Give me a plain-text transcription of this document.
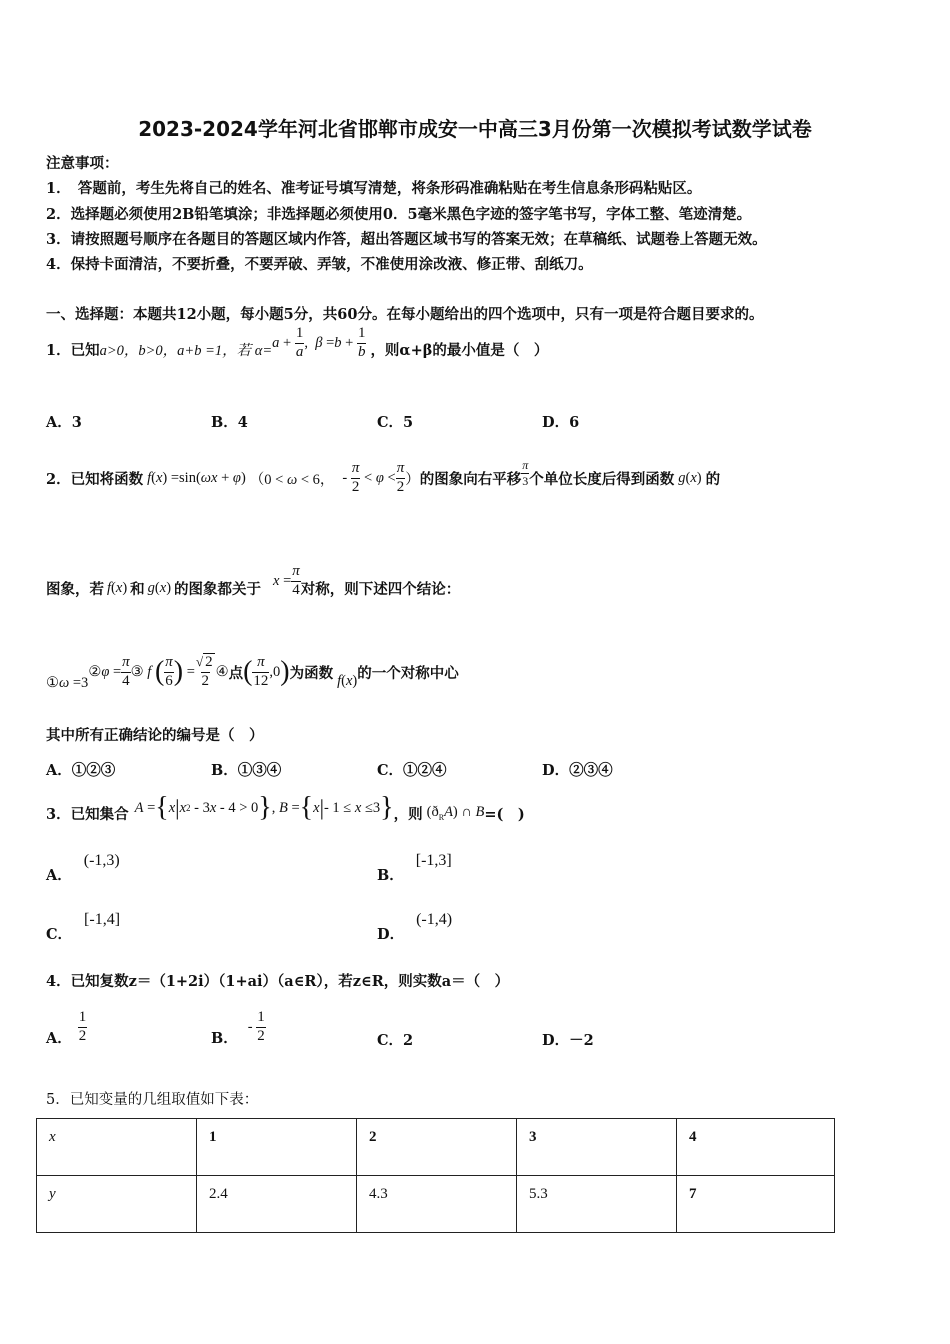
2023-2024学年河北省邯郸市成安一中高三3月份第一次模拟考试数学试卷
注意事项：
1．　答题前，考生先将自己的姓名、准考证号填写清楚，将条形码准确粘贴在考生信息条形码粘贴区。
2．选择题必须使用2B铅笔填涂；非选择题必须使用0．5毫米黑色字迹的签字笔书写，字体工整、笔迹清楚。
3．请按照题号顺序在各题目的答题区域内作答，超出答题区域书写的答案无效；在草稿纸、试题卷上答题无效。
4．保持卡面清洁，不要折叠，不要弄破、弄皱，不准使用涂改液、修正带、刮纸刀。
一、选择题：本题共12小题，每小题5分，共60分。在每小题给出的四个选项中，只有一项是符合题目要求的。
1．已知 a>0，b>0，a+b =1，若 $\alpha= a + \frac{1}{a}$ , $\beta = b + \frac{1}{b}$ ，则α+β的最小值是（　）
A．3	B．4	C．5	D．6
2．已知将函数 f(x) =sin(ωx + φ) （0 < ω < 6， - $\frac{\pi}{2} < \varphi < \frac{\pi}{2}$ ） 的图象向右平移 $\frac{\pi}{3}$ 个单位长度后得到函数 g(x) 的
图象，若 f(x) 和 g(x) 的图象都关于 $x = \frac{\pi}{4}$ 对称，则下述四个结论：
①ω =3
② $\varphi = \frac{\pi}{4}$ ③ f
( $\frac{\pi}{6}$ ) = $\frac{√ 2}{2}$ ④ 点 ( $\frac{\pi}{12} ,0$ ) 为函数 f(x) 的一个对称中心
其中所有正确结论的编号是（　）
A．①②③	B．①③④	C．①②④	D．②③④
3．已知集合 A = { x | x 2 - 3 x - 4 > 0 } , B = { x | - 1 ≤ x ≤3 } ，则 $(ð_RA)$ ∩ B =(　)
A．
(-1,3)
B．
[-1,3]
C．
[-1,4]
D．
(-1,4)
4．已知复数z＝（1+2i）（1+ai）（a∈R），若z∈R，则实数a＝（　）
A． $\frac{1}{2}$	B．
- $\frac{1}{2}$	C．2	D．－2
5．已知变量的几组取值如下表：
x	1	2	3	4
y	2.4	4.3	5.3	7
